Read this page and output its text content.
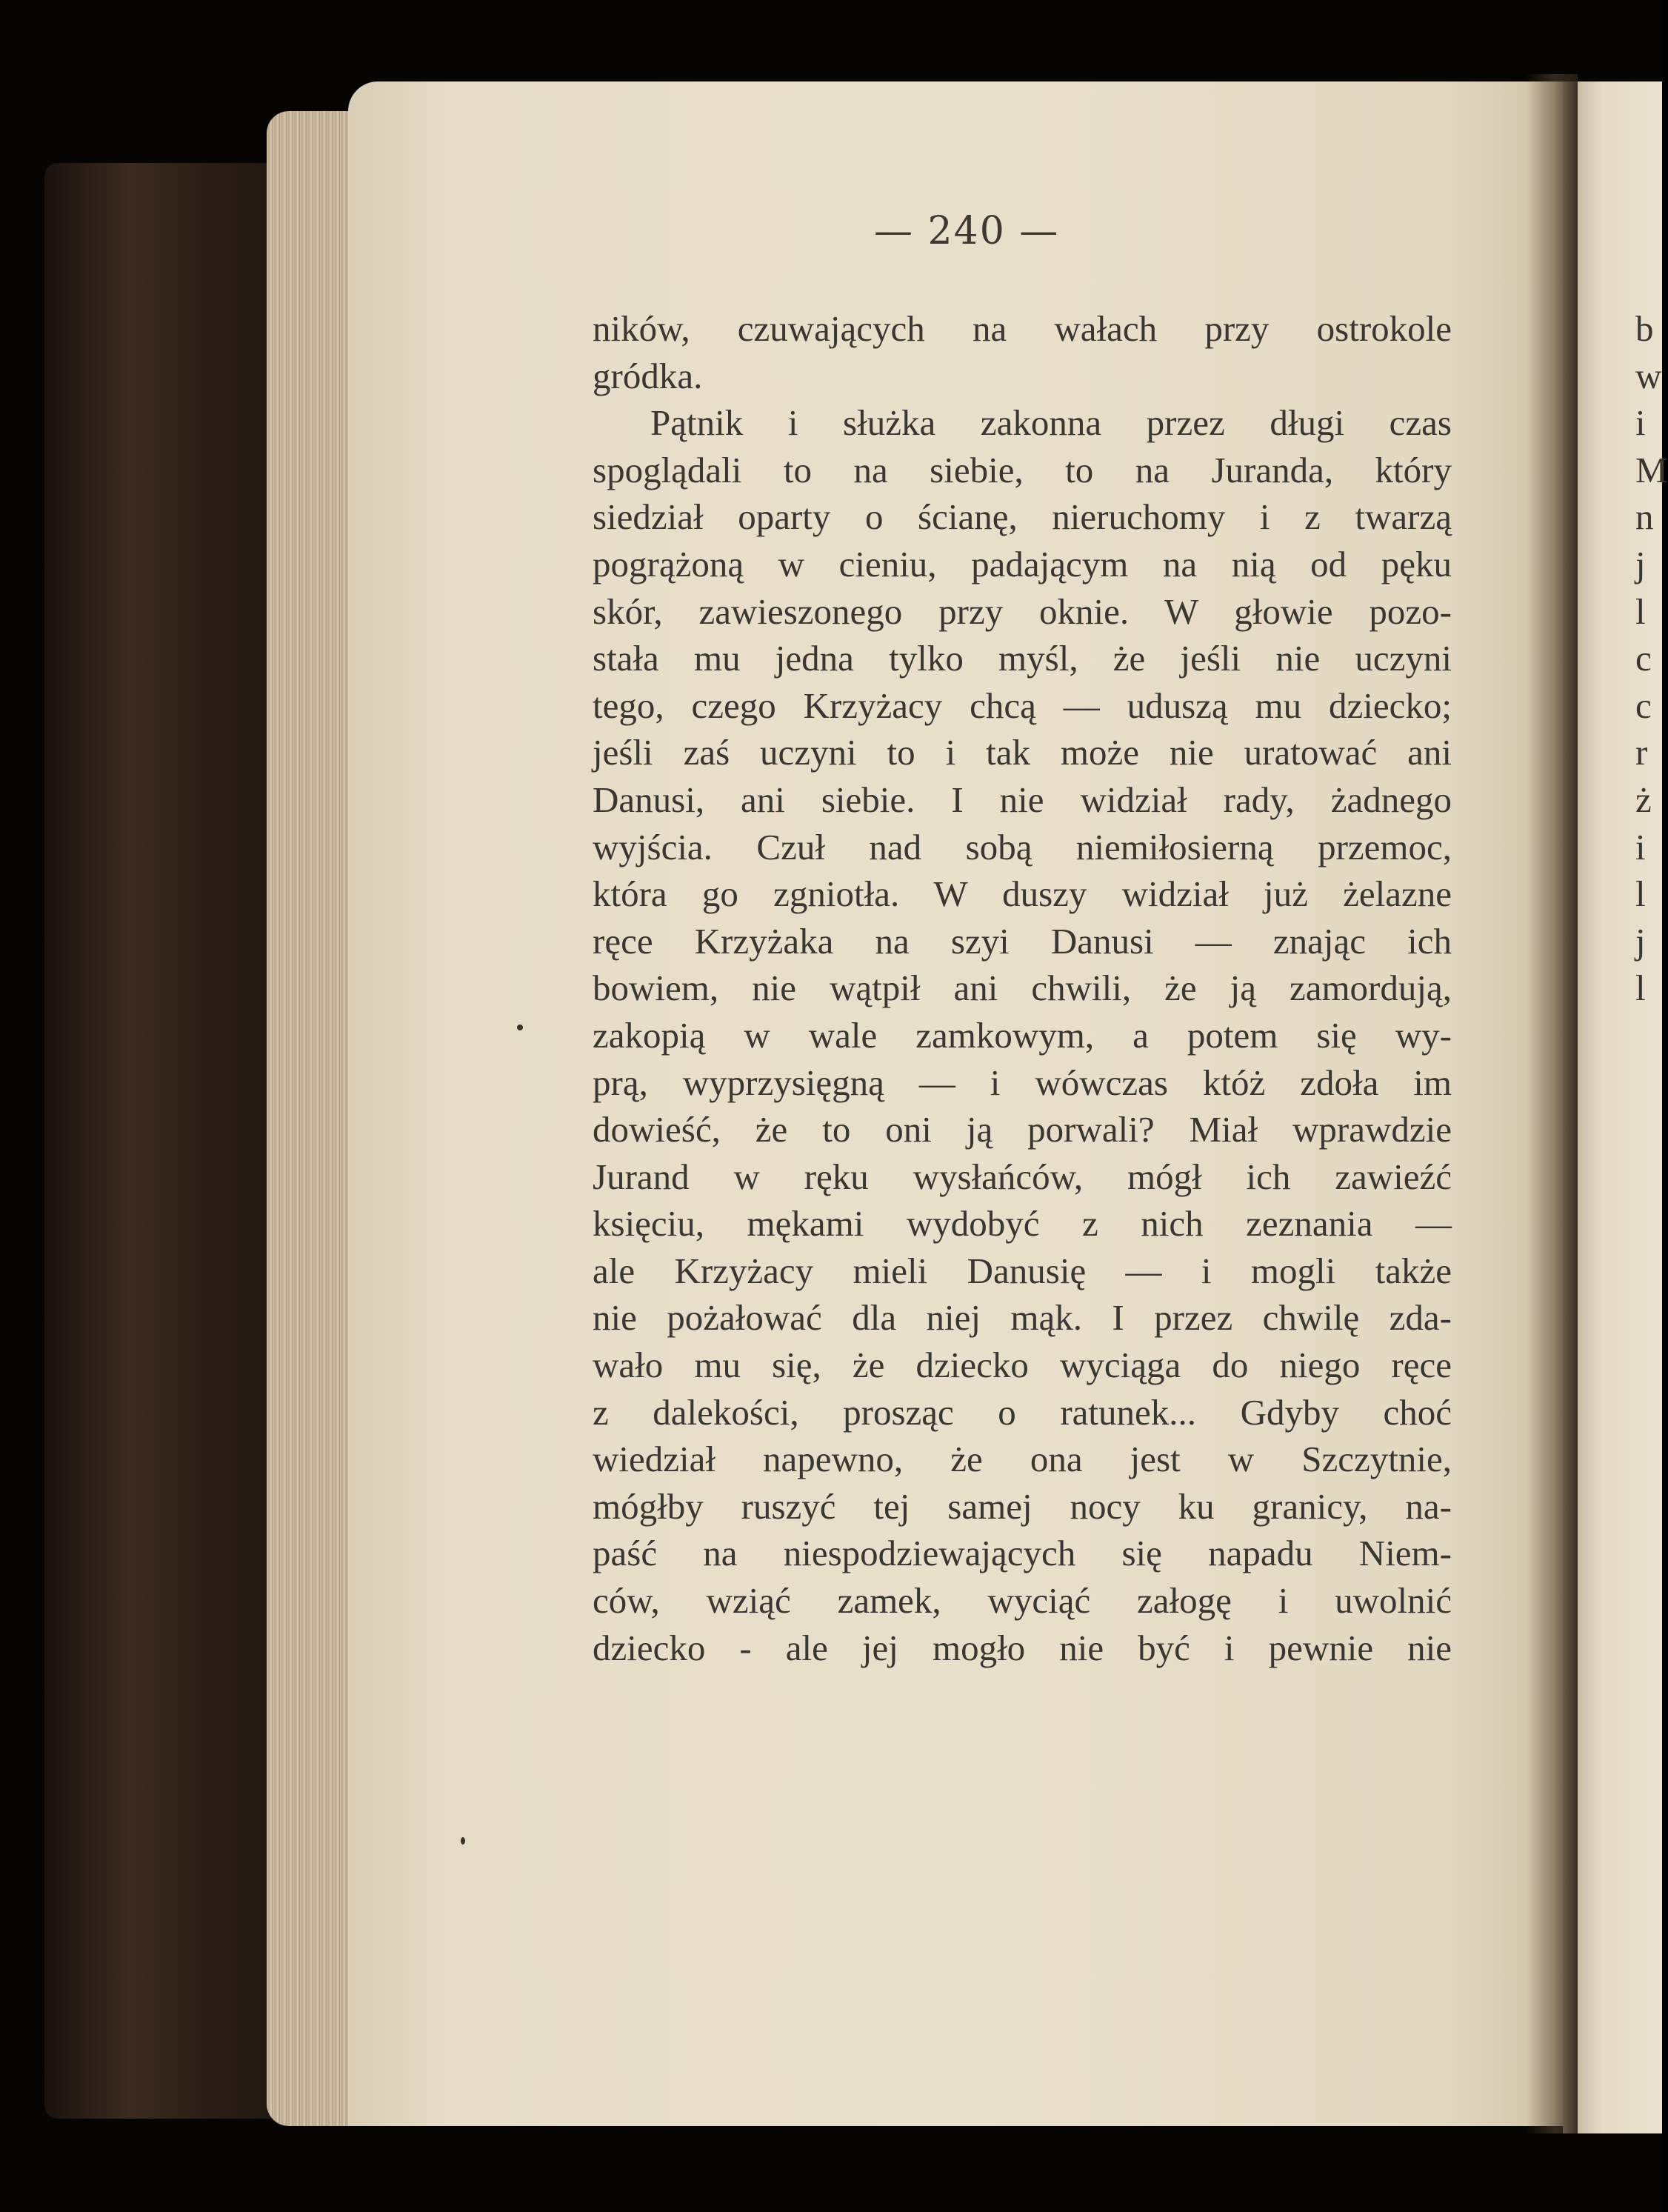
— 240 —
ników, czuwających na wałach przy ostrokole
gródka.
Pątnik i służka zakonna przez długi czas
spoglądali to na siebie, to na Juranda, który
siedział oparty o ścianę, nieruchomy i z twarzą
pogrążoną w cieniu, padającym na nią od pęku
skór, zawieszonego przy oknie. W głowie pozo-
stała mu jedna tylko myśl, że jeśli nie uczyni
tego, czego Krzyżacy chcą — uduszą mu dziecko;
jeśli zaś uczyni to i tak może nie uratować ani
Danusi, ani siebie. I nie widział rady, żadnego
wyjścia. Czuł nad sobą niemiłosierną przemoc,
która go zgniotła. W duszy widział już żelazne
ręce Krzyżaka na szyi Danusi — znając ich
bowiem, nie wątpił ani chwili, że ją zamordują,
zakopią w wale zamkowym, a potem się wy-
prą, wyprzysięgną — i wówczas któż zdoła im
dowieść, że to oni ją porwali? Miał wprawdzie
Jurand w ręku wysłańców, mógł ich zawieźć
księciu, mękami wydobyć z nich zeznania —
ale Krzyżacy mieli Danusię — i mogli także
nie pożałować dla niej mąk. I przez chwilę zda-
wało mu się, że dziecko wyciąga do niego ręce
z dalekości, prosząc o ratunek... Gdyby choć
wiedział napewno, że ona jest w Szczytnie,
mógłby ruszyć tej samej nocy ku granicy, na-
paść na niespodziewających się napadu Niem-
ców, wziąć zamek, wyciąć załogę i uwolnić
dziecko - ale jej mogło nie być i pewnie nie
b
w
i
M
n
j
l
c
c
r
ż
i
l
j
l
